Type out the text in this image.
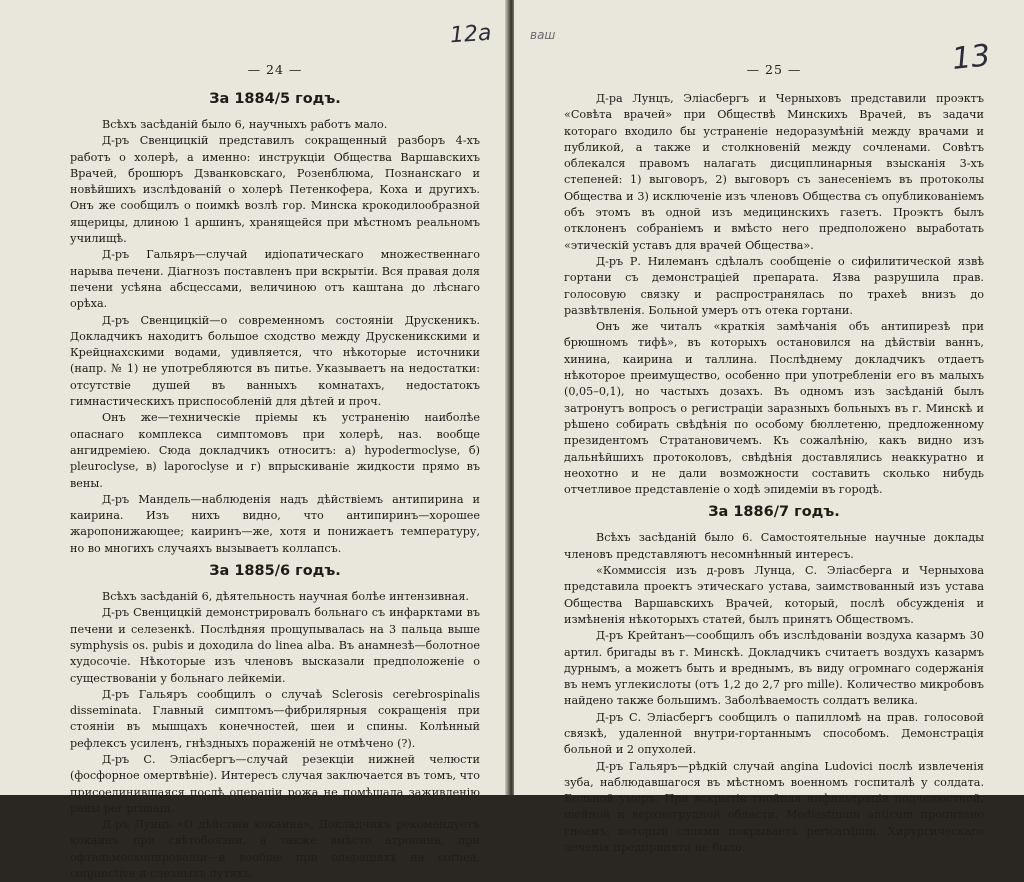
— 24 —
За 1884/5 годъ.

Всѣхъ засѣданій было 6, научныхъ работъ мало.

Д-ръ Свенцицкій представилъ сокращенный разборъ 4-хъ работъ о холерѣ, а именно: инструкціи Общества Варшавскихъ Врачей, брошюръ Дзванковскаго, Розенблюма, Познанскаго и новѣйшихъ изслѣдованій о холерѣ Петенкофера, Коха и другихъ. Онъ же сообщилъ о поимкѣ возлѣ гор. Минска крокодилообразной ящерицы, длиною 1 аршинъ, хранящейся при мѣстномъ реальномъ училищѣ.

Д-ръ Гальяръ—случай идіопатическаго множественнаго нарыва печени. Діагнозъ поставленъ при вскрытіи. Вся правая доля печени усѣяна абсцессами, величиною отъ каштана до лѣснаго орѣха.

Д-ръ Свенцицкій—о современномъ состояніи Друскеникъ. Докладчикъ находитъ большое сходство между Друскеникскими и Крейцнахскими водами, удивляется, что нѣкоторые источники (напр. № 1) не употребляются въ питье. Указываетъ на недостатки: отсутствіе душей въ ванныхъ комнатахъ, недостатокъ гимнастическихъ приспособленій для дѣтей и проч.

Онъ же—техническіе пріемы къ устраненію наиболѣе опаснаго комплекса симптомовъ при холерѣ, наз. вообще ангидреміею. Сюда докладчикъ относитъ: а) hypodermoclyse, б) pleuroclyse, в) laporoclyse и г) впрыскиваніе жидкости прямо въ вены.

Д-ръ Мандель—наблюденія надъ дѣйствіемъ антипирина и каирина. Изъ нихъ видно, что антипиринъ—хорошее жаропонижающее; каиринъ—же, хотя и понижаетъ температуру, но во многихъ случаяхъ вызываетъ коллапсъ.

За 1885/6 годъ.

Всѣхъ засѣданій 6, дѣятельность научная болѣе интензивная.

Д-ръ Свенцицкій демонстрировалъ больнаго съ инфарктами въ печени и селезенкѣ. Послѣдняя прощупывалась на 3 пальца выше symphysis os. pubis и доходила do linea alba. Въ анамнезѣ—болотное худосочіе. Нѣкоторые изъ членовъ высказали предположеніе о существованіи у больнаго лейкеміи.

Д-ръ Гальяръ сообщилъ о случаѣ Sclerosis cerebrospinalis disseminata. Главный симптомъ—фибрилярныя сокращенія при стояніи въ мышцахъ конечностей, шеи и спины. Колѣнный рефлексъ усиленъ, гнѣздныхъ пораженій не отмѣчено (?).

Д-ръ С. Эліасбергъ—случай резекціи нижней челюсти (фосфорное омертвѣніе). Интересъ случая заключается въ томъ, что присоединившаяся послѣ операціи рожа не помѣшала заживленію раны per primam.

Д-ръ Лунцъ «О дѣйствіи кокаина». Докладчикъ рекомендуетъ кокаинъ при свѣтобоязни, а также вмѣсто атропина, при офтальмоскопированіи—и вообще при операціяхъ на cornea, conjunctiva и слезныхъ путяхъ.

— 25 —

Д-ра Лунцъ, Эліасбергъ и Черныховъ представили проэктъ «Совѣта врачей» при Обществѣ Минскихъ Врачей, въ задачи котораго входило бы устраненіе недоразумѣній между врачами и публикой, а также и столкновеній между сочленами. Совѣтъ облекался правомъ налагать дисциплинарныя взысканія 3-хъ степеней: 1) выговоръ, 2) выговоръ съ занесеніемъ въ протоколы Общества и 3) исключеніе изъ членовъ Общества съ опубликованіемъ объ этомъ въ одной изъ медицинскихъ газетъ. Проэктъ былъ отклоненъ собраніемъ и вмѣсто него предположено выработать «этическій уставъ для врачей Общества».

Д-ръ Р. Нилеманъ сдѣлалъ сообщеніе о сифилитической язвѣ гортани съ демонстраціей препарата. Язва разрушила прав. голосовую связку и распространялась по трахеѣ внизъ до развѣтвленія. Больной умеръ отъ отека гортани.

Онъ же читалъ «краткія замѣчанія объ антипирезѣ при брюшномъ тифѣ», въ которыхъ остановился на дѣйствіи ваннъ, хинина, каирина и таллина. Послѣднему докладчикъ отдаетъ нѣкоторое преимущество, особенно при употребленіи его въ малыхъ (0,05–0,1), но частыхъ дозахъ. Въ одномъ изъ засѣданій былъ затронутъ вопросъ о регистраціи заразныхъ больныхъ въ г. Минскѣ и рѣшено собирать свѣдѣнія по особому бюллетеню, предложенному президентомъ Стратановичемъ. Къ сожалѣнію, какъ видно изъ дальнѣйшихъ протоколовъ, свѣдѣнія доставлялись неаккуратно и неохотно и не дали возможности составить сколько нибудь отчетливое представленіе о ходѣ эпидеміи въ городѣ.

За 1886/7 годъ.

Всѣхъ засѣданій было 6. Самостоятельные научные доклады членовъ представляютъ несомнѣнный интересъ.

«Коммиссія изъ д-ровъ Лунца, С. Эліасберга и Черныхова представила проектъ этическаго устава, заимствованный изъ устава Общества Варшавскихъ Врачей, который, послѣ обсужденія и измѣненія нѣкоторыхъ статей, былъ принятъ Обществомъ.

Д-ръ Крейтанъ—сообщилъ объ изслѣдованіи воздуха казармъ 30 артил. бригады въ г. Минскѣ. Докладчикъ считаетъ воздухъ казармъ дурнымъ, а можетъ быть и вреднымъ, въ виду огромнаго содержанія въ немъ углекислоты (отъ 1,2 до 2,7 pro mille). Количество микробовъ найдено также большимъ. Заболѣваемость солдатъ велика.

Д-ръ С. Эліасбергъ сообщилъ о папилломѣ на прав. голосовой связкѣ, удаленной внутри-гортаннымъ способомъ. Демонстрація больной и 2 опухолей.

Д-ръ Гальяръ—рѣдкій случай angina Ludovici послѣ извлеченія зуба, наблюдавшагося въ мѣстномъ военномъ госпиталѣ у солдата. Больной умеръ. При вскрытіи гнойная инфильтрація подчелюстной, шейной и верхнегрудной области. Mediastinum anticum пропитано гноемъ, который слоями покрываетъ pericardium. Хирургическаго леченія предпринято не было.

12а	ваш
13
